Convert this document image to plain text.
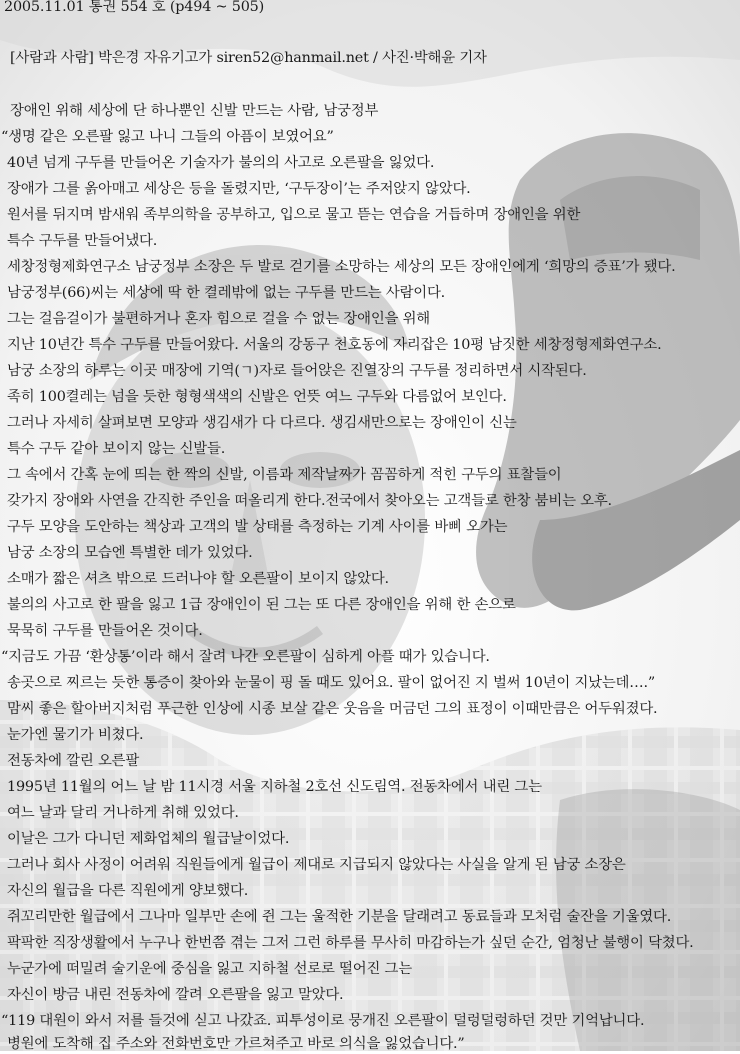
2005.11.01 통권 554 호 (p494 ~ 505)
[사람과 사람] 박은경 자유기고가 siren52@hanmail.net / 사진·박해윤 기자
장애인 위해 세상에 단 하나뿐인 신발 만드는 사람, 남궁정부
“생명 같은 오른팔 잃고 나니 그들의 아픔이 보였어요”
40년 넘게 구두를 만들어온 기술자가 불의의 사고로 오른팔을 잃었다.
장애가 그를 옭아매고 세상은 등을 돌렸지만, ‘구두장이’는 주저앉지 않았다.
원서를 뒤지며 밤새워 족부의학을 공부하고, 입으로 물고 뜯는 연습을 거듭하며 장애인을 위한
특수 구두를 만들어냈다.
세창정형제화연구소 남궁정부 소장은 두 발로 걷기를 소망하는 세상의 모든 장애인에게 ‘희망의 증표’가 됐다.
남궁정부(66)씨는 세상에 딱 한 켤레밖에 없는 구두를 만드는 사람이다.
그는 걸음걸이가 불편하거나 혼자 힘으로 걸을 수 없는 장애인을 위해
지난 10년간 특수 구두를 만들어왔다. 서울의 강동구 천호동에 자리잡은 10평 남짓한 세창정형제화연구소.
남궁 소장의 하루는 이곳 매장에 기역(ㄱ)자로 들어앉은 진열장의 구두를 정리하면서 시작된다.
족히 100켤레는 넘을 듯한 형형색색의 신발은 언뜻 여느 구두와 다름없어 보인다.
그러나 자세히 살펴보면 모양과 생김새가 다 다르다. 생김새만으로는 장애인이 신는
특수 구두 같아 보이지 않는 신발들.
그 속에서 간혹 눈에 띄는 한 짝의 신발, 이름과 제작날짜가 꼼꼼하게 적힌 구두의 표찰들이
갖가지 장애와 사연을 간직한 주인을 떠올리게 한다.전국에서 찾아오는 고객들로 한창 붐비는 오후.
구두 모양을 도안하는 책상과 고객의 발 상태를 측정하는 기계 사이를 바삐 오가는
남궁 소장의 모습엔 특별한 데가 있었다.
소매가 짧은 셔츠 밖으로 드러나야 할 오른팔이 보이지 않았다.
불의의 사고로 한 팔을 잃고 1급 장애인이 된 그는 또 다른 장애인을 위해 한 손으로
묵묵히 구두를 만들어온 것이다.
“지금도 가끔 ‘환상통’이라 해서 잘려 나간 오른팔이 심하게 아플 때가 있습니다.
송곳으로 찌르는 듯한 통증이 찾아와 눈물이 핑 돌 때도 있어요. 팔이 없어진 지 벌써 10년이 지났는데….”
맘씨 좋은 할아버지처럼 푸근한 인상에 시종 보살 같은 웃음을 머금던 그의 표정이 이때만큼은 어두워졌다.
눈가엔 물기가 비쳤다.
전동차에 깔린 오른팔
1995년 11월의 어느 날 밤 11시경 서울 지하철 2호선 신도림역. 전동차에서 내린 그는
여느 날과 달리 거나하게 취해 있었다.
이날은 그가 다니던 제화업체의 월급날이었다.
그러나 회사 사정이 어려워 직원들에게 월급이 제대로 지급되지 않았다는 사실을 알게 된 남궁 소장은
자신의 월급을 다른 직원에게 양보했다.
쥐꼬리만한 월급에서 그나마 일부만 손에 쥔 그는 울적한 기분을 달래려고 동료들과 모처럼 술잔을 기울였다.
팍팍한 직장생활에서 누구나 한번쯤 겪는 그저 그런 하루를 무사히 마감하는가 싶던 순간, 엄청난 불행이 닥쳤다.
누군가에 떠밀려 술기운에 중심을 잃고 지하철 선로로 떨어진 그는
자신이 방금 내린 전동차에 깔려 오른팔을 잃고 말았다.
“119 대원이 와서 저를 들것에 싣고 나갔죠. 피투성이로 뭉개진 오른팔이 덜렁덜렁하던 것만 기억납니다.
병원에 도착해 집 주소와 전화번호만 가르쳐주고 바로 의식을 잃었습니다.”
